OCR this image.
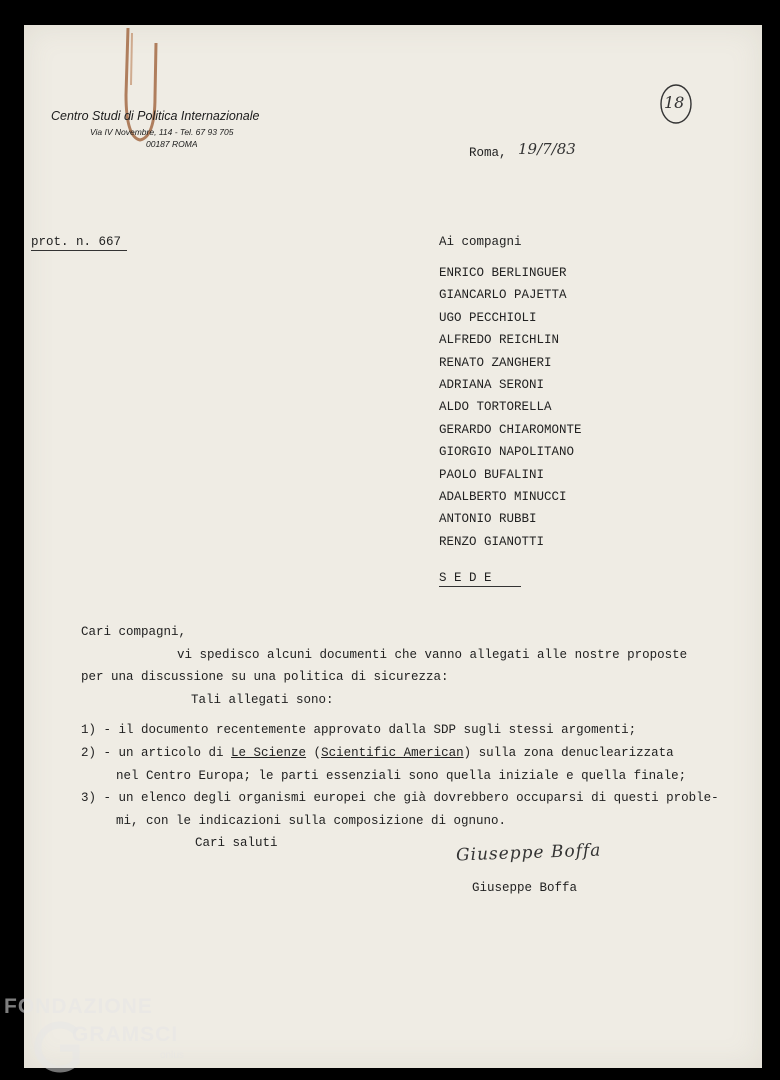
Centro Studi di Politica Internazionale
Via IV Novembre, 114 - Tel. 67 93 705
00187 ROMA
18
Roma, 19/7/83
prot. n. 667	Ai compagni
ENRICO BERLINGUER
GIANCARLO PAJETTA
UGO PECCHIOLI
ALFREDO REICHLIN
RENATO ZANGHERI
ADRIANA SERONI
ALDO TORTORELLA
GERARDO CHIAROMONTE
GIORGIO NAPOLITANO
PAOLO BUFALINI
ADALBERTO MINUCCI
ANTONIO RUBBI
RENZO GIANOTTI
S E D E
Cari compagni,
vi spedisco alcuni documenti che vanno allegati alle nostre proposte
per una discussione su una politica di sicurezza:
Tali allegati sono:
1) - il documento recentemente approvato dalla SDP sugli stessi argomenti;
2) - un articolo di Le Scienze (Scientific American) sulla zona denuclearizzata
nel Centro Europa; le parti essenziali sono quella iniziale e quella finale;
3) - un elenco degli organismi europei che già dovrebbero occuparsi di questi proble-
mi, con le indicazioni sulla composizione di ognuno.
Cari saluti	Giuseppe Boffa
Giuseppe Boffa
FONDAZIONE
GRAMSCI
onlus
